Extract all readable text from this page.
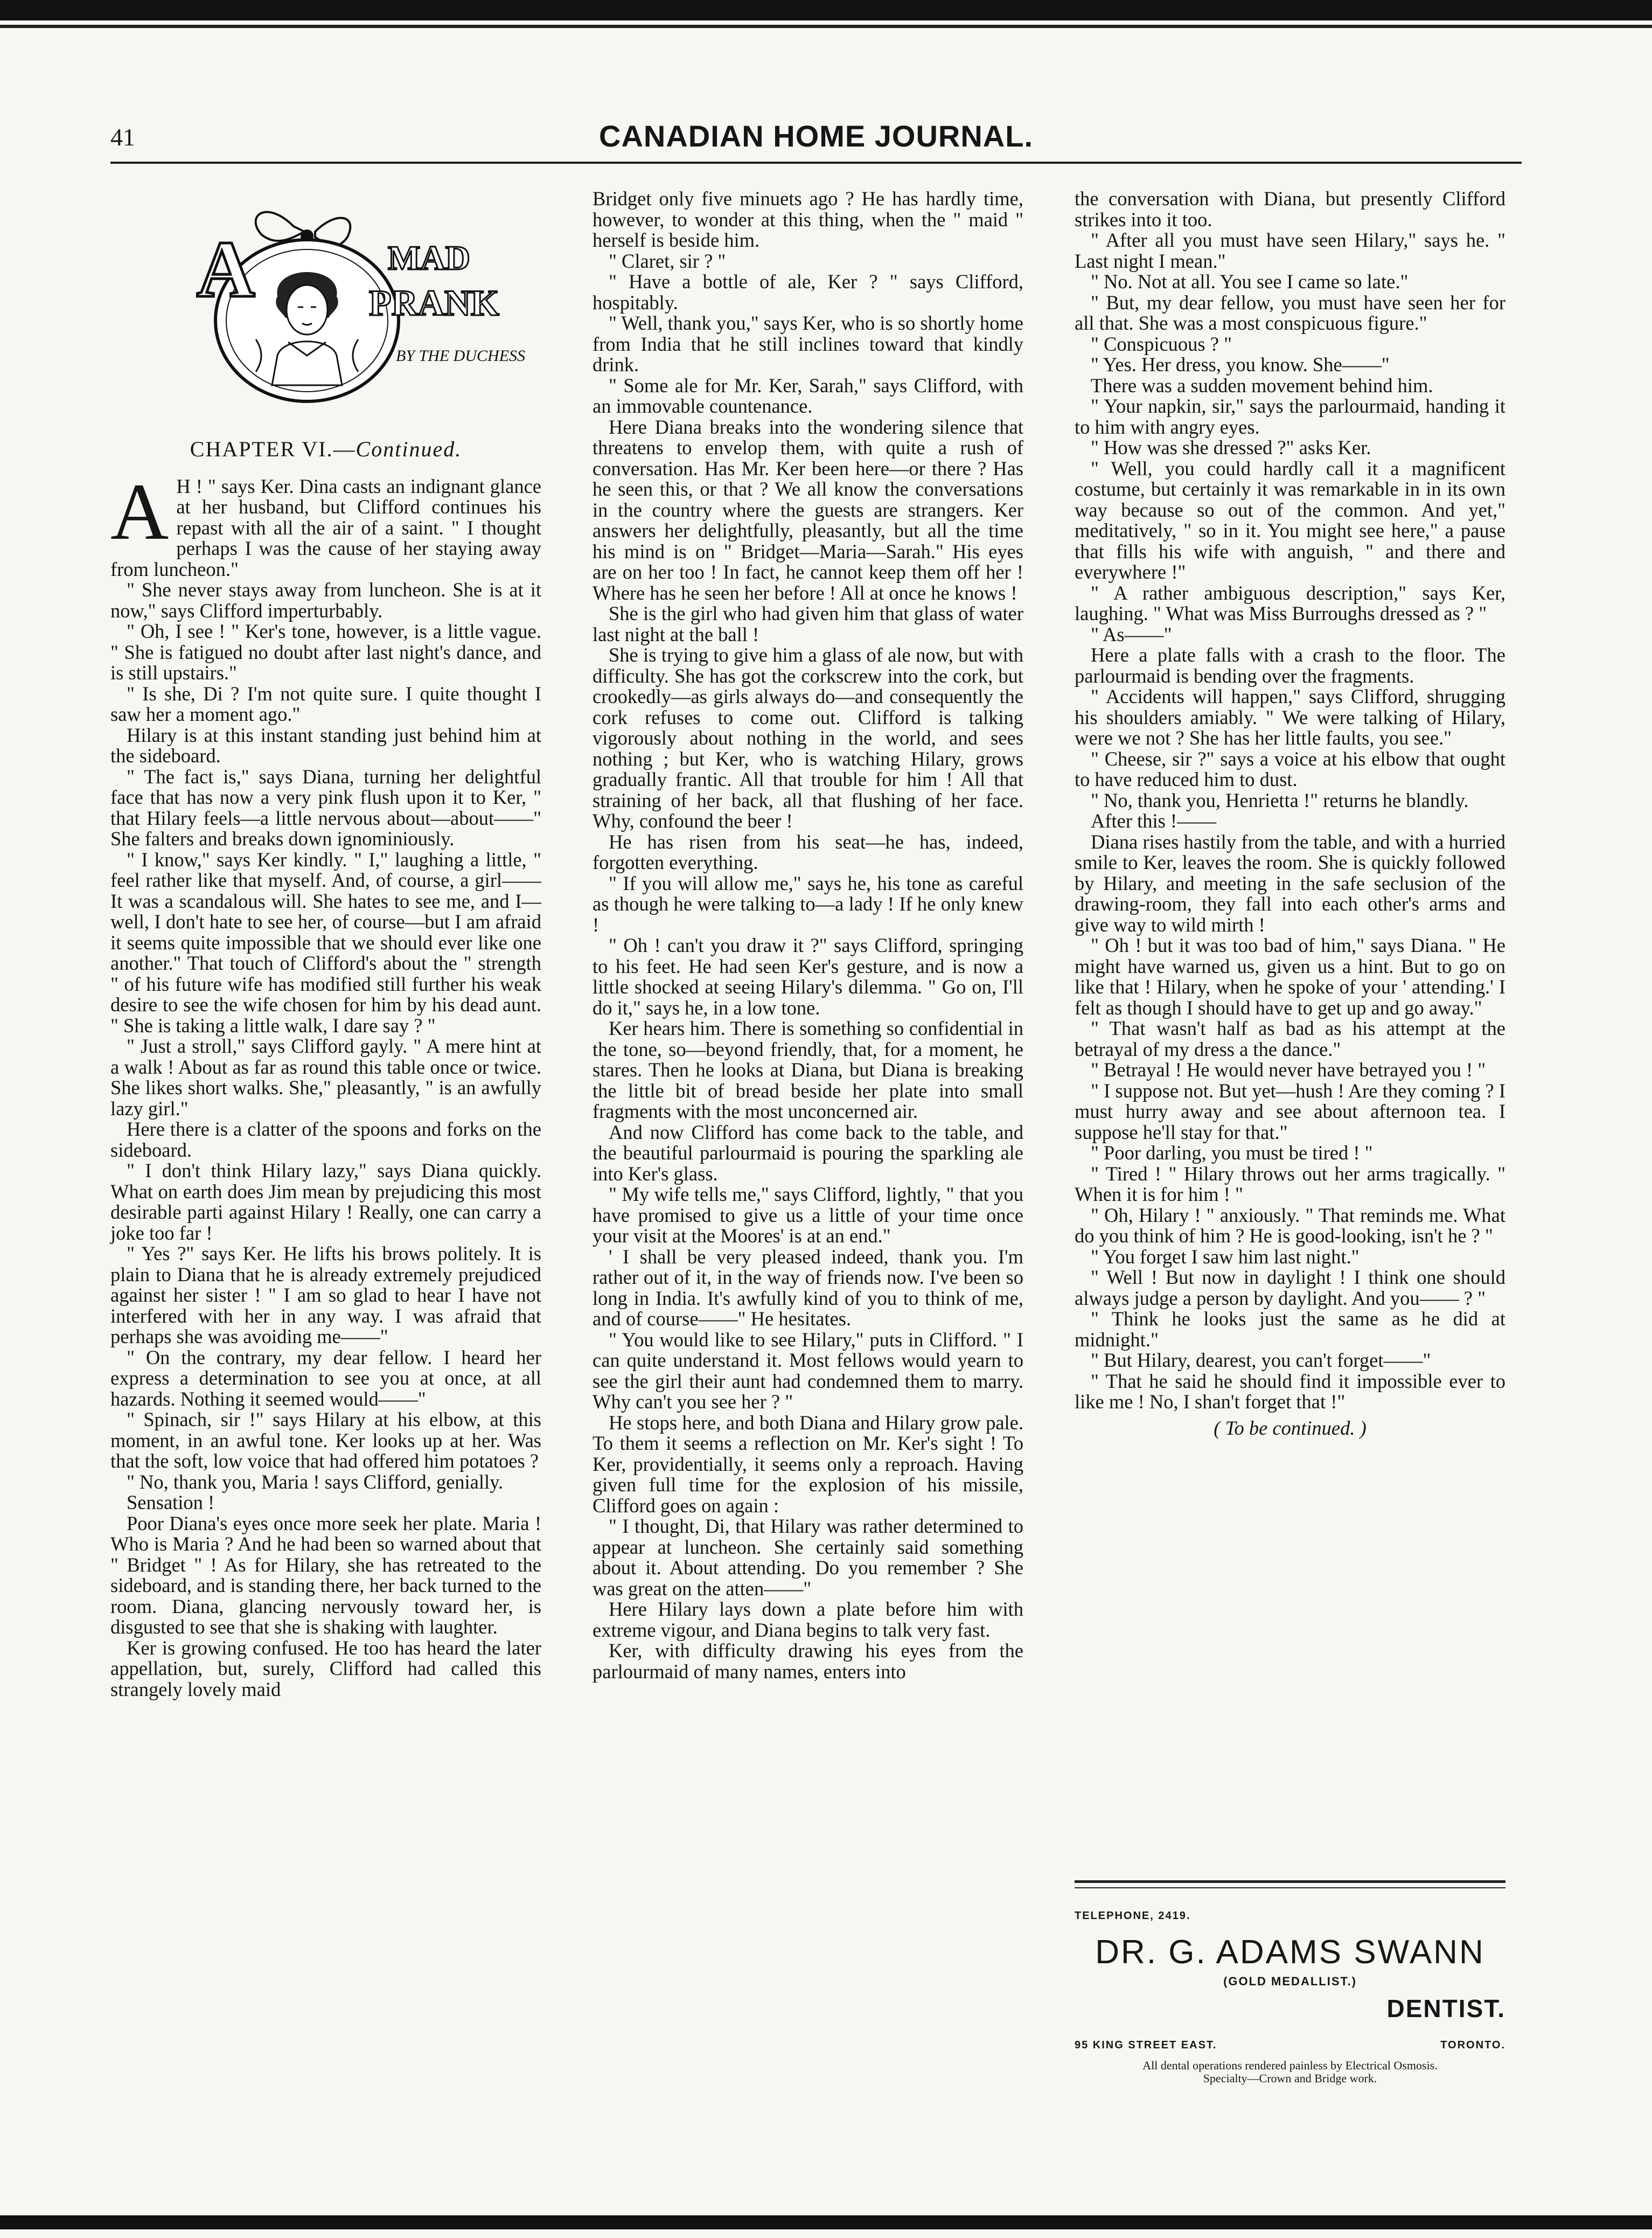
41	CANADIAN HOME JOURNAL.
A	MAD
PRANK
BY THE DUCHESS

CHAPTER VI.—Continued.

A H ! " says Ker. Dina casts an indignant glance at her husband, but Clifford continues his repast with all the air of a saint. " I thought perhaps I was the cause of her staying away from luncheon."

" She never stays away from luncheon. She is at it now," says Clifford imperturbably.

" Oh, I see ! " Ker's tone, however, is a little vague. " She is fatigued no doubt after last night's dance, and is still upstairs."

" Is she, Di ? I'm not quite sure. I quite thought I saw her a moment ago."

Hilary is at this instant standing just behind him at the sideboard.

" The fact is," says Diana, turning her delightful face that has now a very pink flush upon it to Ker, " that Hilary feels—a little nervous about—about——" She falters and breaks down ignominiously.

" I know," says Ker kindly. " I," laughing a little, " feel rather like that myself. And, of course, a girl—— It was a scandalous will. She hates to see me, and I—well, I don't hate to see her, of course—but I am afraid it seems quite impossible that we should ever like one another." That touch of Clifford's about the " strength " of his future wife has modified still further his weak desire to see the wife chosen for him by his dead aunt. " She is taking a little walk, I dare say ? "

" Just a stroll," says Clifford gayly. " A mere hint at a walk ! About as far as round this table once or twice. She likes short walks. She," pleasantly, " is an awfully lazy girl."

Here there is a clatter of the spoons and forks on the sideboard.

" I don't think Hilary lazy," says Diana quickly. What on earth does Jim mean by prejudicing this most desirable parti against Hilary ! Really, one can carry a joke too far !

" Yes ?" says Ker. He lifts his brows politely. It is plain to Diana that he is already extremely prejudiced against her sister ! " I am so glad to hear I have not interfered with her in any way. I was afraid that perhaps she was avoiding me——"

" On the contrary, my dear fellow. I heard her express a determination to see you at once, at all hazards. Nothing it seemed would——"

" Spinach, sir !" says Hilary at his elbow, at this moment, in an awful tone. Ker looks up at her. Was that the soft, low voice that had offered him potatoes ?

" No, thank you, Maria ! says Clifford, genially.

Sensation !

Poor Diana's eyes once more seek her plate. Maria ! Who is Maria ? And he had been so warned about that " Bridget " ! As for Hilary, she has retreated to the sideboard, and is standing there, her back turned to the room. Diana, glancing nervously toward her, is disgusted to see that she is shaking with laughter.

Ker is growing confused. He too has heard the later appellation, but, surely, Clifford had called this strangely lovely maid

Bridget only five minuets ago ? He has hardly time, however, to wonder at this thing, when the " maid " herself is beside him.

" Claret, sir ? "

" Have a bottle of ale, Ker ? " says Clifford, hospitably.

" Well, thank you," says Ker, who is so shortly home from India that he still inclines toward that kindly drink.

" Some ale for Mr. Ker, Sarah," says Clifford, with an immovable countenance.

Here Diana breaks into the wondering silence that threatens to envelop them, with quite a rush of conversation. Has Mr. Ker been here—or there ? Has he seen this, or that ? We all know the conversations in the country where the guests are strangers. Ker answers her delightfully, pleasantly, but all the time his mind is on " Bridget—Maria—Sarah." His eyes are on her too ! In fact, he cannot keep them off her ! Where has he seen her before ! All at once he knows !

She is the girl who had given him that glass of water last night at the ball !

She is trying to give him a glass of ale now, but with difficulty. She has got the corkscrew into the cork, but crookedly—as girls always do—and consequently the cork refuses to come out. Clifford is talking vigorously about nothing in the world, and sees nothing ; but Ker, who is watching Hilary, grows gradually frantic. All that trouble for him ! All that straining of her back, all that flushing of her face. Why, confound the beer !

He has risen from his seat—he has, indeed, forgotten everything.

" If you will allow me," says he, his tone as careful as though he were talking to—a lady ! If he only knew !

" Oh ! can't you draw it ?" says Clifford, springing to his feet. He had seen Ker's gesture, and is now a little shocked at seeing Hilary's dilemma. " Go on, I'll do it," says he, in a low tone.

Ker hears him. There is something so confidential in the tone, so—beyond friendly, that, for a moment, he stares. Then he looks at Diana, but Diana is breaking the little bit of bread beside her plate into small fragments with the most unconcerned air.

And now Clifford has come back to the table, and the beautiful parlourmaid is pouring the sparkling ale into Ker's glass.

" My wife tells me," says Clifford, lightly, " that you have promised to give us a little of your time once your visit at the Moores' is at an end."

' I shall be very pleased indeed, thank you. I'm rather out of it, in the way of friends now. I've been so long in India. It's awfully kind of you to think of me, and of course——" He hesitates.

" You would like to see Hilary," puts in Clifford. " I can quite understand it. Most fellows would yearn to see the girl their aunt had condemned them to marry. Why can't you see her ? "

He stops here, and both Diana and Hilary grow pale. To them it seems a reflection on Mr. Ker's sight ! To Ker, providentially, it seems only a reproach. Having given full time for the explosion of his missile, Clifford goes on again :

" I thought, Di, that Hilary was rather determined to appear at luncheon. She certainly said something about it. About attending. Do you remember ? She was great on the atten——"

Here Hilary lays down a plate before him with extreme vigour, and Diana begins to talk very fast.

Ker, with difficulty drawing his eyes from the parlourmaid of many names, enters into

the conversation with Diana, but presently Clifford strikes into it too.

" After all you must have seen Hilary," says he. " Last night I mean."

" No. Not at all. You see I came so late."

" But, my dear fellow, you must have seen her for all that. She was a most conspicuous figure."

" Conspicuous ? "

" Yes. Her dress, you know. She——"

There was a sudden movement behind him.

" Your napkin, sir," says the parlourmaid, handing it to him with angry eyes.

" How was she dressed ?" asks Ker.

" Well, you could hardly call it a magnificent costume, but certainly it was remarkable in in its own way because so out of the common. And yet," meditatively, " so in it. You might see here," a pause that fills his wife with anguish, " and there and everywhere !"

" A rather ambiguous description," says Ker, laughing. " What was Miss Burroughs dressed as ? "

" As——"

Here a plate falls with a crash to the floor. The parlourmaid is bending over the fragments.

" Accidents will happen," says Clifford, shrugging his shoulders amiably. " We were talking of Hilary, were we not ? She has her little faults, you see."

" Cheese, sir ?" says a voice at his elbow that ought to have reduced him to dust.

" No, thank you, Henrietta !" returns he blandly.

After this !——

Diana rises hastily from the table, and with a hurried smile to Ker, leaves the room. She is quickly followed by Hilary, and meeting in the safe seclusion of the drawing-room, they fall into each other's arms and give way to wild mirth !

" Oh ! but it was too bad of him," says Diana. " He might have warned us, given us a hint. But to go on like that ! Hilary, when he spoke of your ' attending.' I felt as though I should have to get up and go away."

" That wasn't half as bad as his attempt at the betrayal of my dress a the dance."

" Betrayal ! He would never have betrayed you ! "

" I suppose not. But yet—hush ! Are they coming ? I must hurry away and see about afternoon tea. I suppose he'll stay for that."

" Poor darling, you must be tired ! "

" Tired ! " Hilary throws out her arms tragically. " When it is for him ! "

" Oh, Hilary ! " anxiously. " That reminds me. What do you think of him ? He is good-looking, isn't he ? "

" You forget I saw him last night."

" Well ! But now in daylight ! I think one should always judge a person by daylight. And you—— ? "

" Think he looks just the same as he did at midnight."

" But Hilary, dearest, you can't forget——"

" That he said he should find it impossible ever to like me ! No, I shan't forget that !"

( To be continued. )

TELEPHONE, 2419.
DR. G. ADAMS SWANN
(GOLD MEDALLIST.)
DENTIST.
95 KING STREET EAST.	TORONTO.
All dental operations rendered painless by Electrical Osmosis.
Specialty—Crown and Bridge work.
